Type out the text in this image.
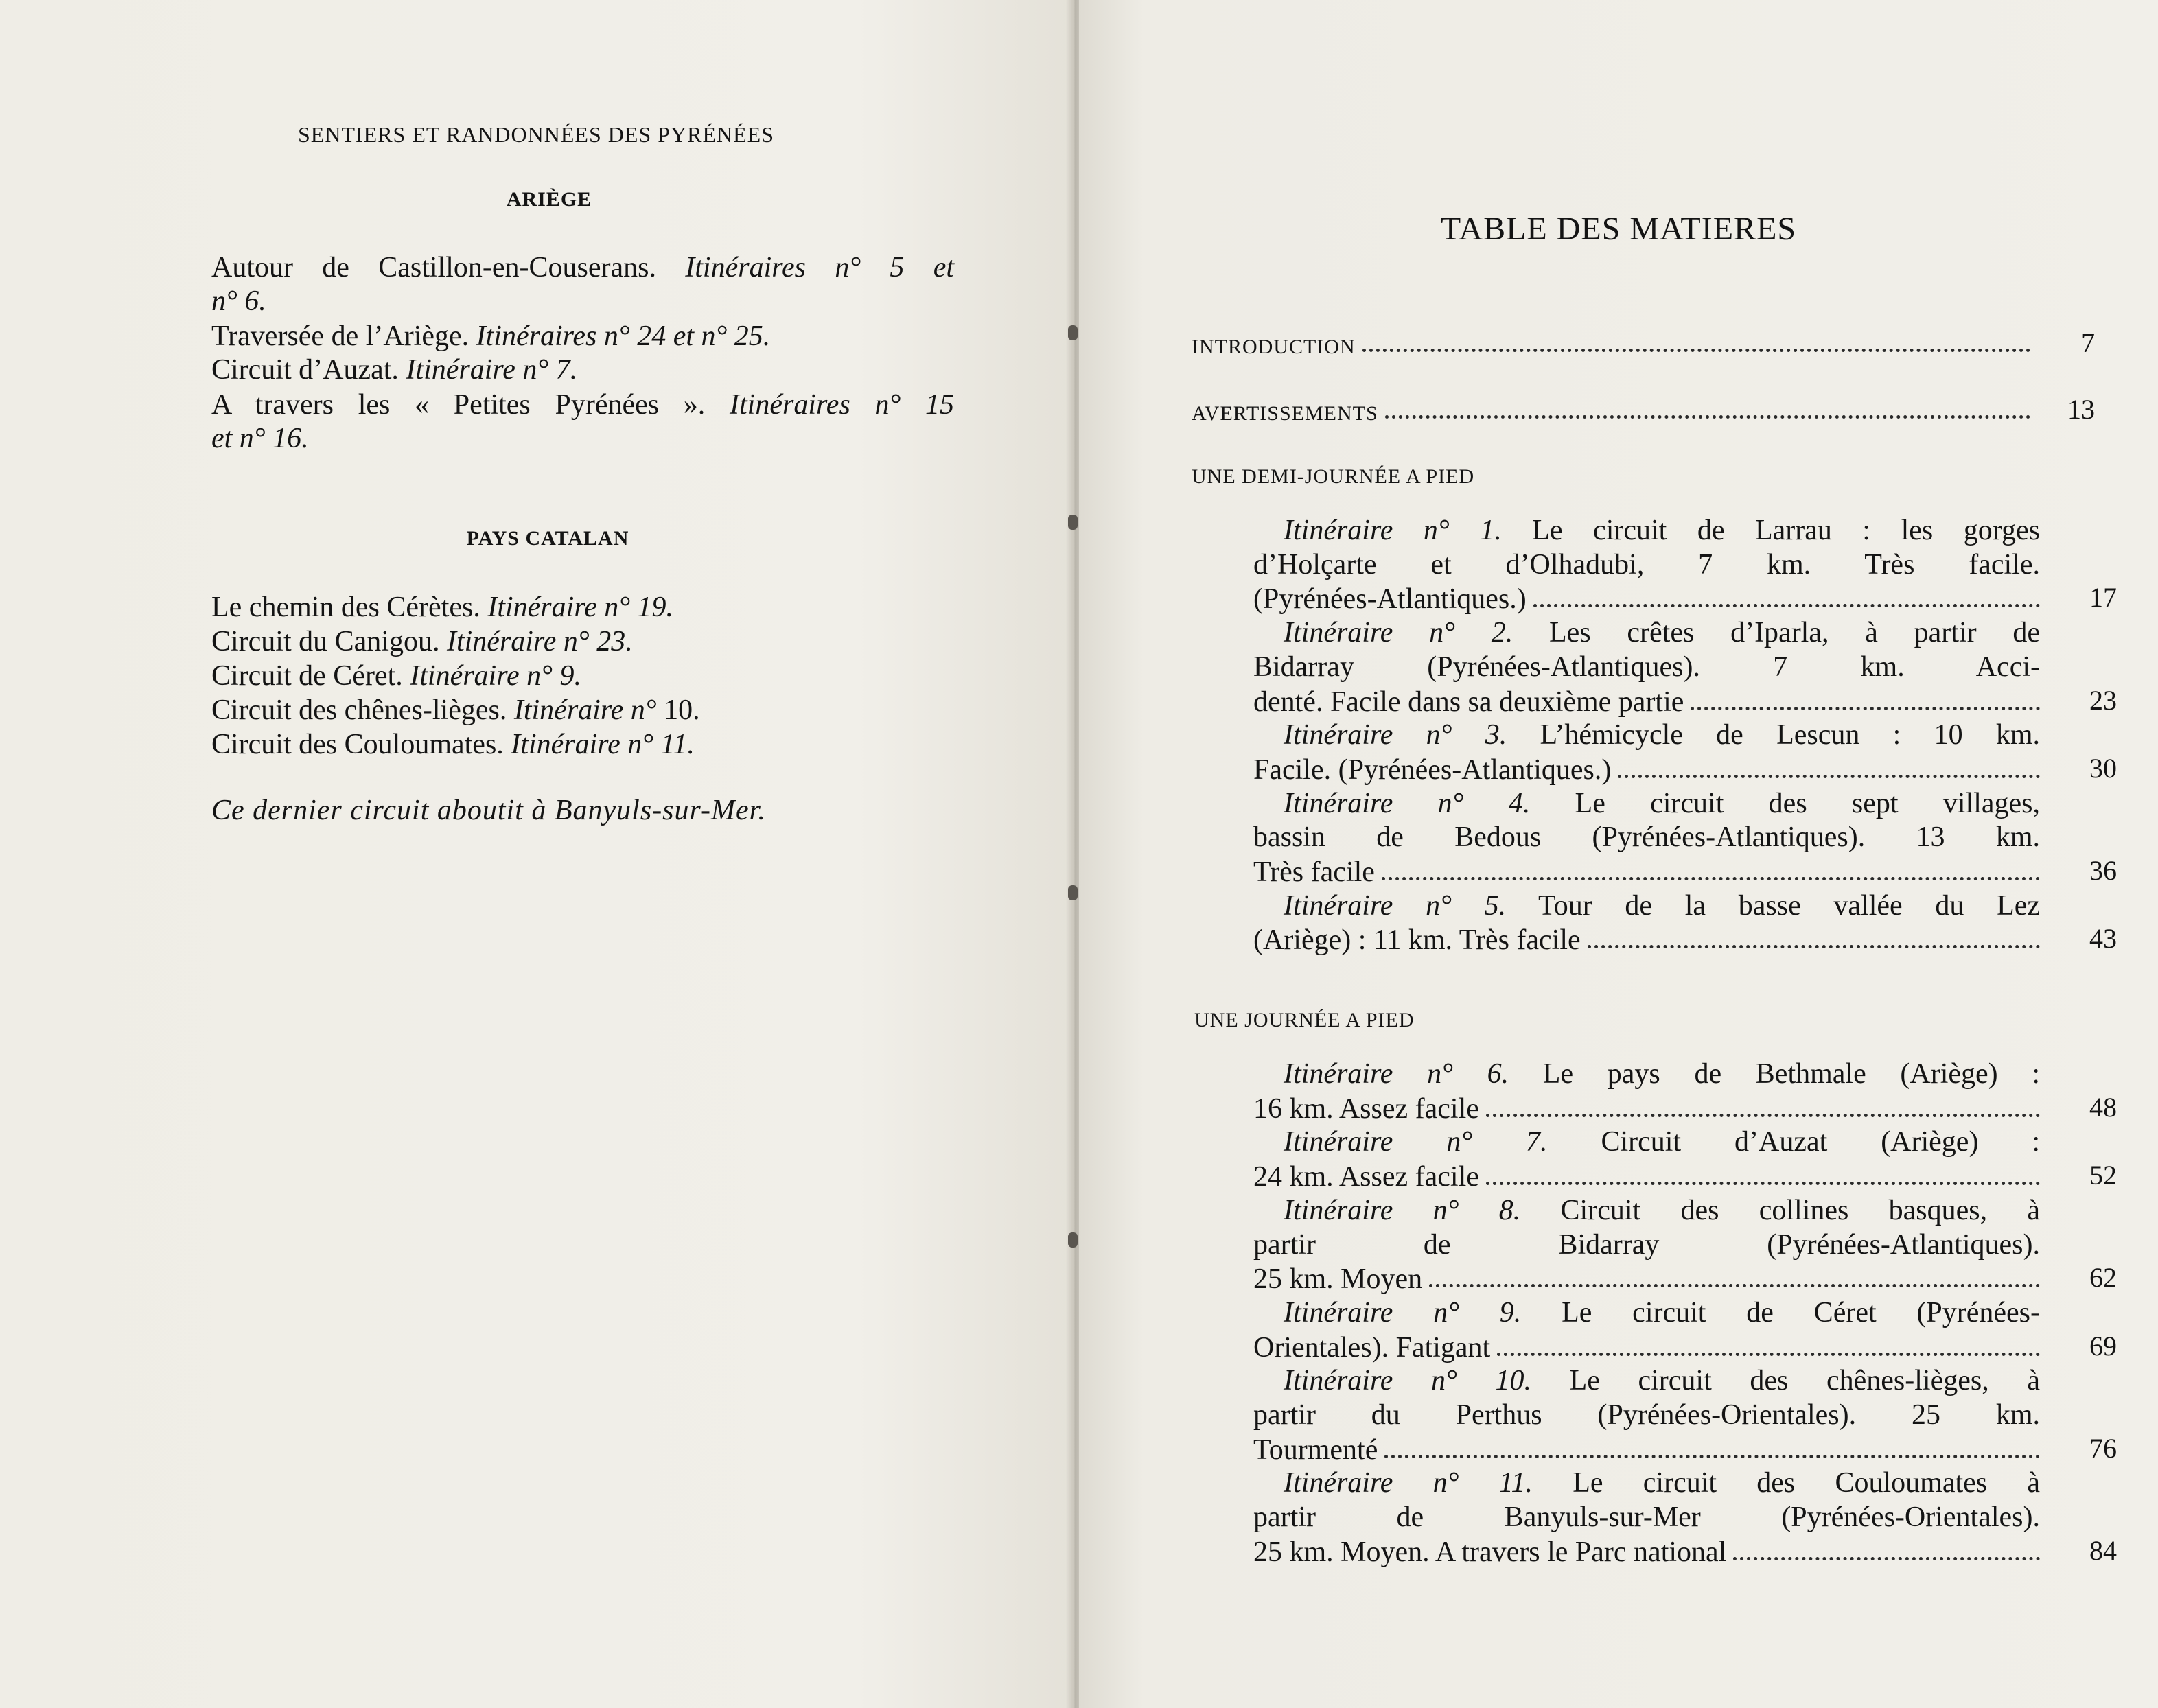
SENTIERS ET RANDONNÉES DES PYRÉNÉES
ARIÈGE
Autour de Castillon-en-Couserans. Itinéraires n° 5 et
n° 6.
Traversée de l’Ariège. Itinéraires n° 24 et n° 25.
Circuit d’Auzat. Itinéraire n° 7.
A travers les « Petites Pyrénées ». Itinéraires n° 15
et n° 16.
PAYS CATALAN
Le chemin des Cérètes. Itinéraire n° 19.
Circuit du Canigou. Itinéraire n° 23.
Circuit de Céret. Itinéraire n° 9.
Circuit des chênes-lièges. Itinéraire n° 10.
Circuit des Couloumates. Itinéraire n° 11.
Ce dernier circuit aboutit à Banyuls-sur-Mer.
TABLE DES MATIERES
INTRODUCTION	7
AVERTISSEMENTS	13
UNE DEMI-JOURNÉE A PIED
Itinéraire n° 1. Le circuit de Larrau : les gorges
d’Holçarte et d’Olhadubi, 7 km. Très facile.
17
(Pyrénées-Atlantiques.)
Itinéraire n° 2. Les crêtes d’Iparla, à partir de
Bidarray (Pyrénées-Atlantiques). 7 km. Acci-
23
denté. Facile dans sa deuxième partie
Itinéraire n° 3. L’hémicycle de Lescun : 10 km.
30
Facile. (Pyrénées-Atlantiques.)
Itinéraire n° 4. Le circuit des sept villages,
bassin de Bedous (Pyrénées-Atlantiques). 13 km.
36
Très facile
Itinéraire n° 5. Tour de la basse vallée du Lez
43
(Ariège) : 11 km. Très facile
UNE JOURNÉE A PIED
Itinéraire n° 6. Le pays de Bethmale (Ariège) :
48
16 km. Assez facile
Itinéraire n° 7. Circuit d’Auzat (Ariège) :
52
24 km. Assez facile
Itinéraire n° 8. Circuit des collines basques, à
partir de Bidarray (Pyrénées-Atlantiques).
62
25 km. Moyen
Itinéraire n° 9. Le circuit de Céret (Pyrénées-
69
Orientales). Fatigant
Itinéraire n° 10. Le circuit des chênes-lièges, à
partir du Perthus (Pyrénées-Orientales). 25 km.
76
Tourmenté
Itinéraire n° 11. Le circuit des Couloumates à
partir de Banyuls-sur-Mer (Pyrénées-Orientales).
84
25 km. Moyen. A travers le Parc national
